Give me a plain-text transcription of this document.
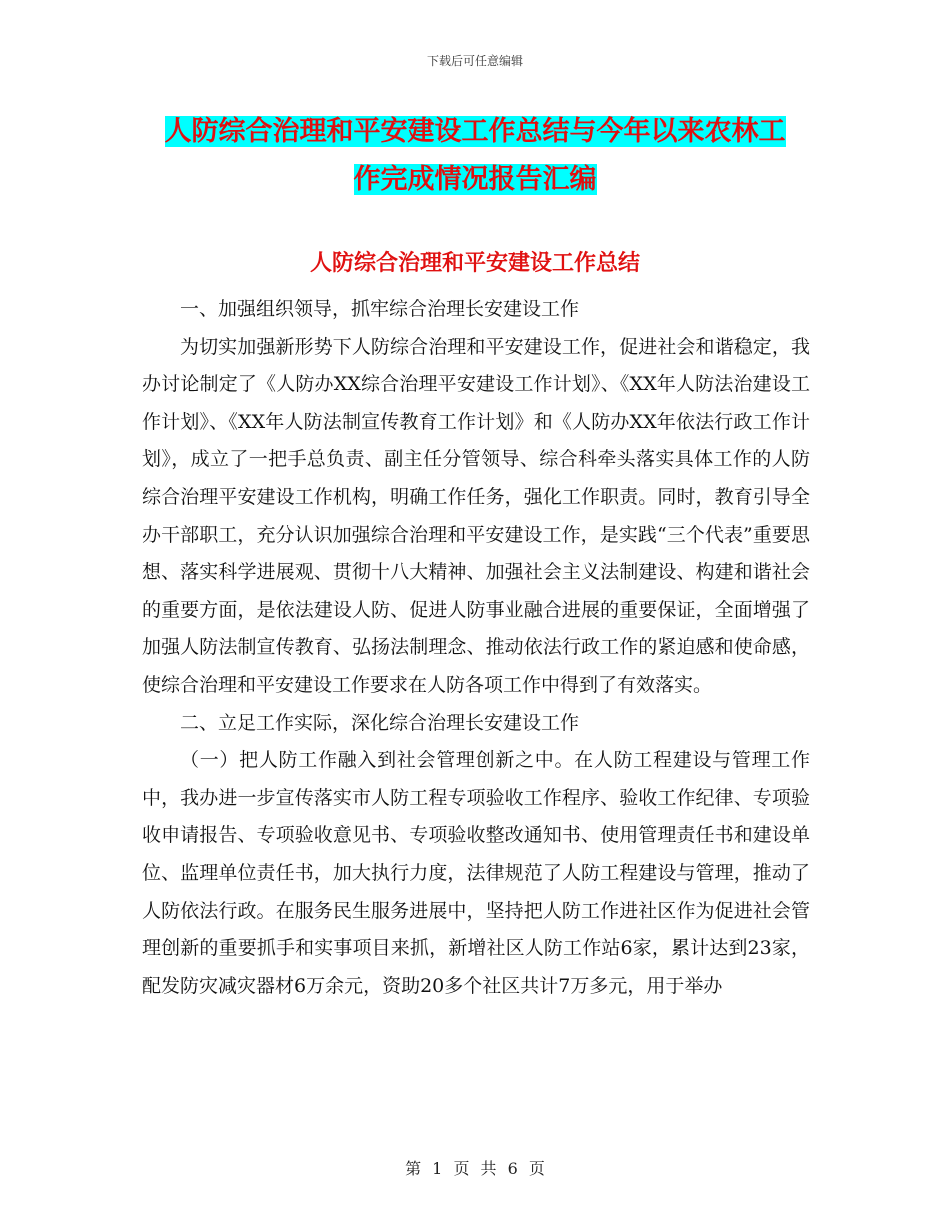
下载后可任意编辑
人防综合治理和平安建设工作总结与今年以来农林工
作完成情况报告汇编
人防综合治理和平安建设工作总结

一、加强组织领导，抓牢综合治理长安建设工作

为切实加强新形势下人防综合治理和平安建设工作，促进社会和谐稳定，我办讨论制定了《人防办XX综合治理平安建设工作计划》、《XX年人防法治建设工作计划》、《XX年人防法制宣传教育工作计划》和《人防办XX年依法行政工作计划》，成立了一把手总负责、副主任分管领导、综合科牵头落实具体工作的人防综合治理平安建设工作机构，明确工作任务，强化工作职责。同时，教育引导全办干部职工，充分认识加强综合治理和平安建设工作，是实践“三个代表”重要思想、落实科学进展观、贯彻十八大精神、加强社会主义法制建设、构建和谐社会的重要方面，是依法建设人防、促进人防事业融合进展的重要保证，全面增强了加强人防法制宣传教育、弘扬法制理念、推动依法行政工作的紧迫感和使命感，使综合治理和平安建设工作要求在人防各项工作中得到了有效落实。

二、立足工作实际，深化综合治理长安建设工作

（一）把人防工作融入到社会管理创新之中。在人防工程建设与管理工作中，我办进一步宣传落实市人防工程专项验收工作程序、验收工作纪律、专项验收申请报告、专项验收意见书、专项验收整改通知书、使用管理责任书和建设单位、监理单位责任书，加大执行力度，法律规范了人防工程建设与管理，推动了人防依法行政。在服务民生服务进展中，坚持把人防工作进社区作为促进社会管理创新的重要抓手和实事项目来抓，新增社区人防工作站6家，累计达到23家，配发防灾减灾器材6万余元，资助20多个社区共计7万多元，用于举办

第 1 页 共 6 页
